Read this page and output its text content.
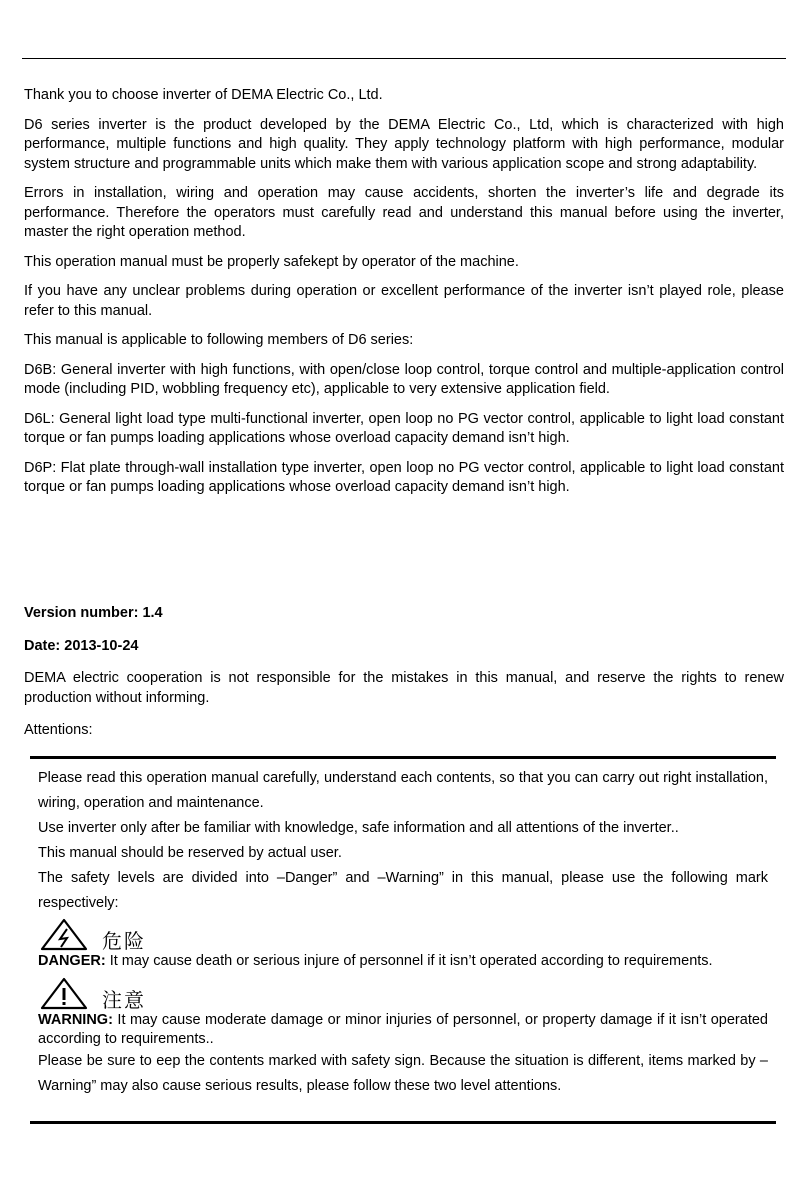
Thank you to choose inverter of DEMA Electric Co., Ltd.

D6 series inverter is the product developed by the DEMA Electric Co., Ltd, which is characterized with high performance, multiple functions and high quality. They apply technology platform with high performance, modular system structure and programmable units which make them with various application scope and strong adaptability.

Errors in installation, wiring and operation may cause accidents, shorten the inverter’s life and degrade its performance. Therefore the operators must carefully read and understand this manual before using the inverter, master the right operation method.

This operation manual must be properly safekept by operator of the machine.

If you have any unclear problems during operation or excellent performance of the inverter isn’t played role, please refer to this manual.

This manual is applicable to following members of D6 series:

D6B: General inverter with high functions, with open/close loop control, torque control and multiple-application control mode (including PID, wobbling frequency etc), applicable to very extensive application field.

D6L: General light load type multi-functional inverter, open loop no PG vector control, applicable to light load constant torque or fan pumps loading applications whose overload capacity demand isn’t high.

D6P: Flat plate through-wall installation type inverter, open loop no PG vector control, applicable to light load constant torque or fan pumps loading applications whose overload capacity demand isn’t high.

Version number: 1.4

Date: 2013-10-24

DEMA electric cooperation is not responsible for the mistakes in this manual, and reserve the rights to renew production without informing.

Attentions:

Please read this operation manual carefully, understand each contents, so that you can carry out right installation, wiring, operation and maintenance.

Use inverter only after be familiar with knowledge, safe information and all attentions of the inverter..

This manual should be reserved by actual user.

The safety levels are divided into –Danger” and –Warning” in this manual, please use the following mark respectively:

危险

DANGER: It may cause death or serious injure of personnel if it isn’t operated according to requirements.

注意

WARNING: It may cause moderate damage or minor injuries of personnel, or property damage if it isn’t operated according to requirements..

Please be sure to eep the contents marked with safety sign. Because the situation is different, items marked by –Warning” may also cause serious results, please follow these two level attentions.
